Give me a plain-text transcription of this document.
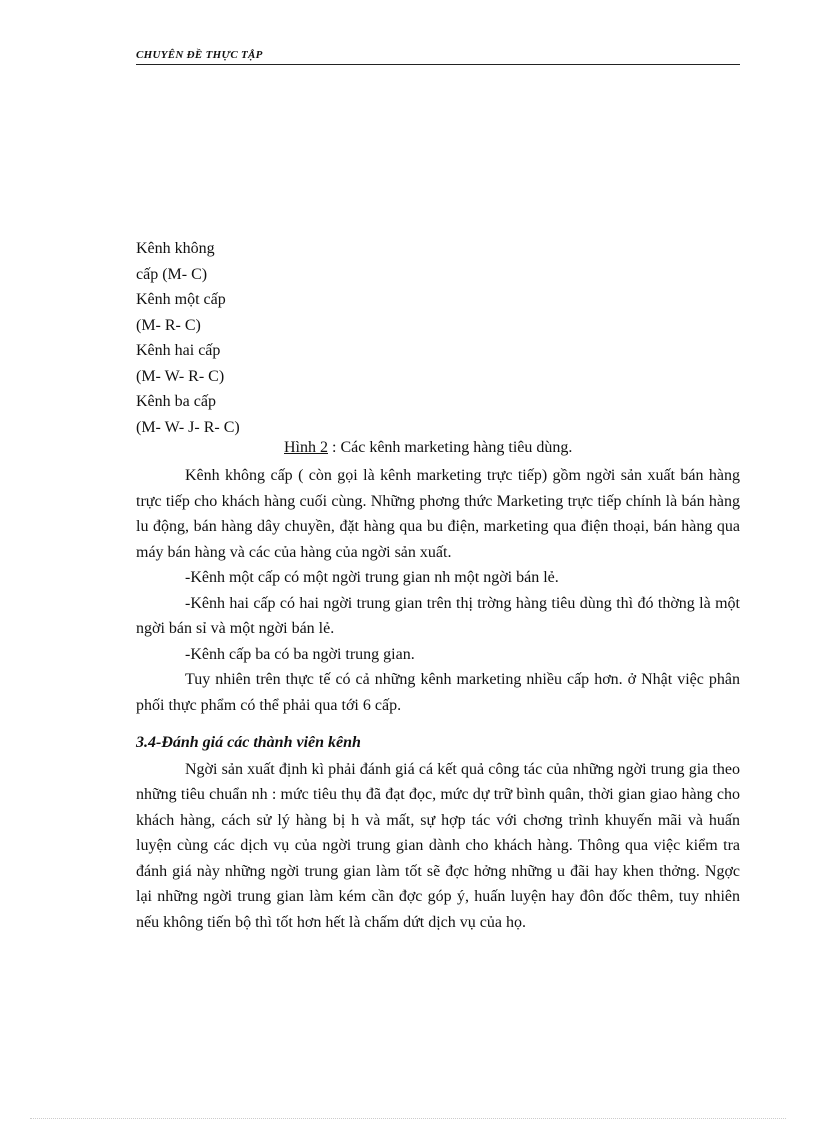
CHUYÊN ĐỀ THỰC TẬP
Kênh không
cấp (M- C)
Kênh một cấp
(M- R- C)
Kênh hai cấp
(M- W- R- C)
Kênh ba cấp
(M- W- J- R- C)
Hình 2 : Các kênh marketing hàng tiêu dùng.

Kênh không cấp ( còn gọi là kênh marketing trực tiếp) gồm ngời sản xuất bán hàng trực tiếp cho khách hàng cuối cùng. Những phơng thức Marketing trực tiếp chính là bán hàng lu động, bán hàng dây chuyền, đặt hàng qua bu điện, marketing qua điện thoại, bán hàng qua máy bán hàng và các của hàng của ngời sản xuất.

-Kênh một cấp có một ngời trung gian nh một ngời bán lẻ.

-Kênh hai cấp có hai ngời trung gian trên thị trờng hàng tiêu dùng thì đó thờng là một ngời bán sỉ và một ngời bán lẻ.

-Kênh cấp ba có ba ngời trung gian.

Tuy nhiên trên thực tế có cả những kênh marketing nhiều cấp hơn. ở Nhật việc phân phối thực phẩm có thể phải qua tới 6 cấp.

3.4-Đánh giá các thành viên kênh

Ngời sản xuất định kì phải đánh giá cá kết quả công tác của những ngời trung gia theo những tiêu chuẩn nh : mức tiêu thụ đã đạt đọc, mức dự trữ bình quân, thời gian giao hàng cho khách hàng, cách sử lý hàng bị h và mất, sự hợp tác với chơng trình khuyến mãi và huấn luyện cùng các dịch vụ của ngời trung gian dành cho khách hàng. Thông qua việc kiểm tra đánh giá này những ngời trung gian làm tốt sẽ đợc hởng những u đãi hay khen thởng. Ngợc lại những ngời trung gian làm kém cần đợc góp ý, huấn luyện hay đôn đốc thêm, tuy nhiên nếu không tiến bộ thì tốt hơn hết là chấm dứt dịch vụ của họ.
